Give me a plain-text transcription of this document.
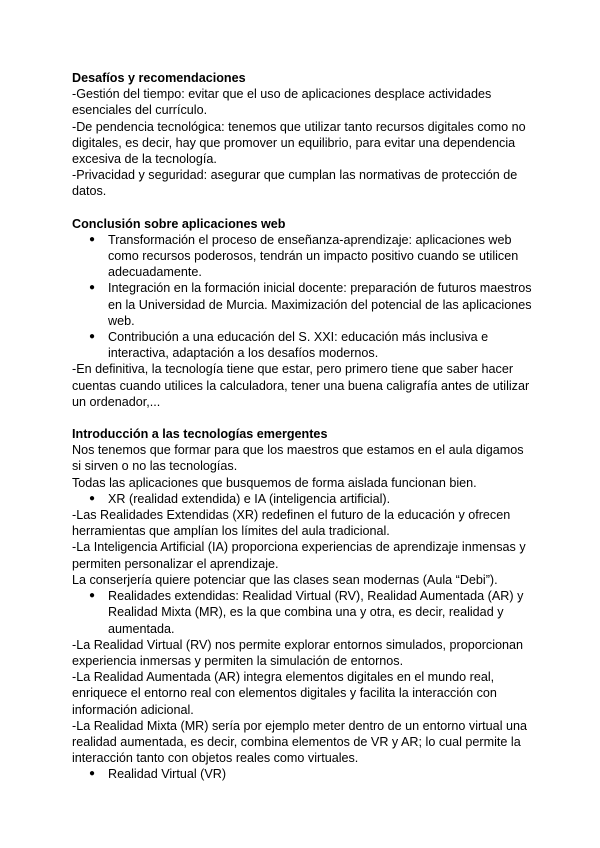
Desafíos y recomendaciones

-Gestión del tiempo: evitar que el uso de aplicaciones desplace actividades esenciales del currículo.

-De pendencia tecnológica: tenemos que utilizar tanto recursos digitales como no digitales, es decir, hay que promover un equilibrio, para evitar una dependencia excesiva de la tecnología.

-Privacidad y seguridad: asegurar que cumplan las normativas de protección de datos.

Conclusión sobre aplicaciones web

● Transformación el proceso de enseñanza-aprendizaje: aplicaciones web como recursos poderosos, tendrán un impacto positivo cuando se utilicen adecuadamente.
● Integración en la formación inicial docente: preparación de futuros maestros en la Universidad de Murcia. Maximización del potencial de las aplicaciones web.
● Contribución a una educación del S. XXI: educación más inclusiva e interactiva, adaptación a los desafíos modernos.

-En definitiva, la tecnología tiene que estar, pero primero tiene que saber hacer cuentas cuando utilices la calculadora, tener una buena caligrafía antes de utilizar un ordenador,...

Introducción a las tecnologías emergentes

Nos tenemos que formar para que los maestros que estamos en el aula digamos si sirven o no las tecnologías.

Todas las aplicaciones que busquemos de forma aislada funcionan bien.

● XR (realidad extendida) e IA (inteligencia artificial).

-Las Realidades Extendidas (XR) redefinen el futuro de la educación y ofrecen herramientas que amplían los límites del aula tradicional.

-La Inteligencia Artificial (IA) proporciona experiencias de aprendizaje inmensas y permiten personalizar el aprendizaje.

La conserjería quiere potenciar que las clases sean modernas (Aula “Debi”).

● Realidades extendidas: Realidad Virtual (RV), Realidad Aumentada (AR) y Realidad Mixta (MR), es la que combina una y otra, es decir, realidad y aumentada.

-La Realidad Virtual (RV) nos permite explorar entornos simulados, proporcionan experiencia inmersas y permiten la simulación de entornos.

-La Realidad Aumentada (AR) integra elementos digitales en el mundo real, enriquece el entorno real con elementos digitales y facilita la interacción con información adicional.

-La Realidad Mixta (MR) sería por ejemplo meter dentro de un entorno virtual una realidad aumentada, es decir, combina elementos de VR y AR; lo cual permite la interacción tanto con objetos reales como virtuales.

● Realidad Virtual (VR)
